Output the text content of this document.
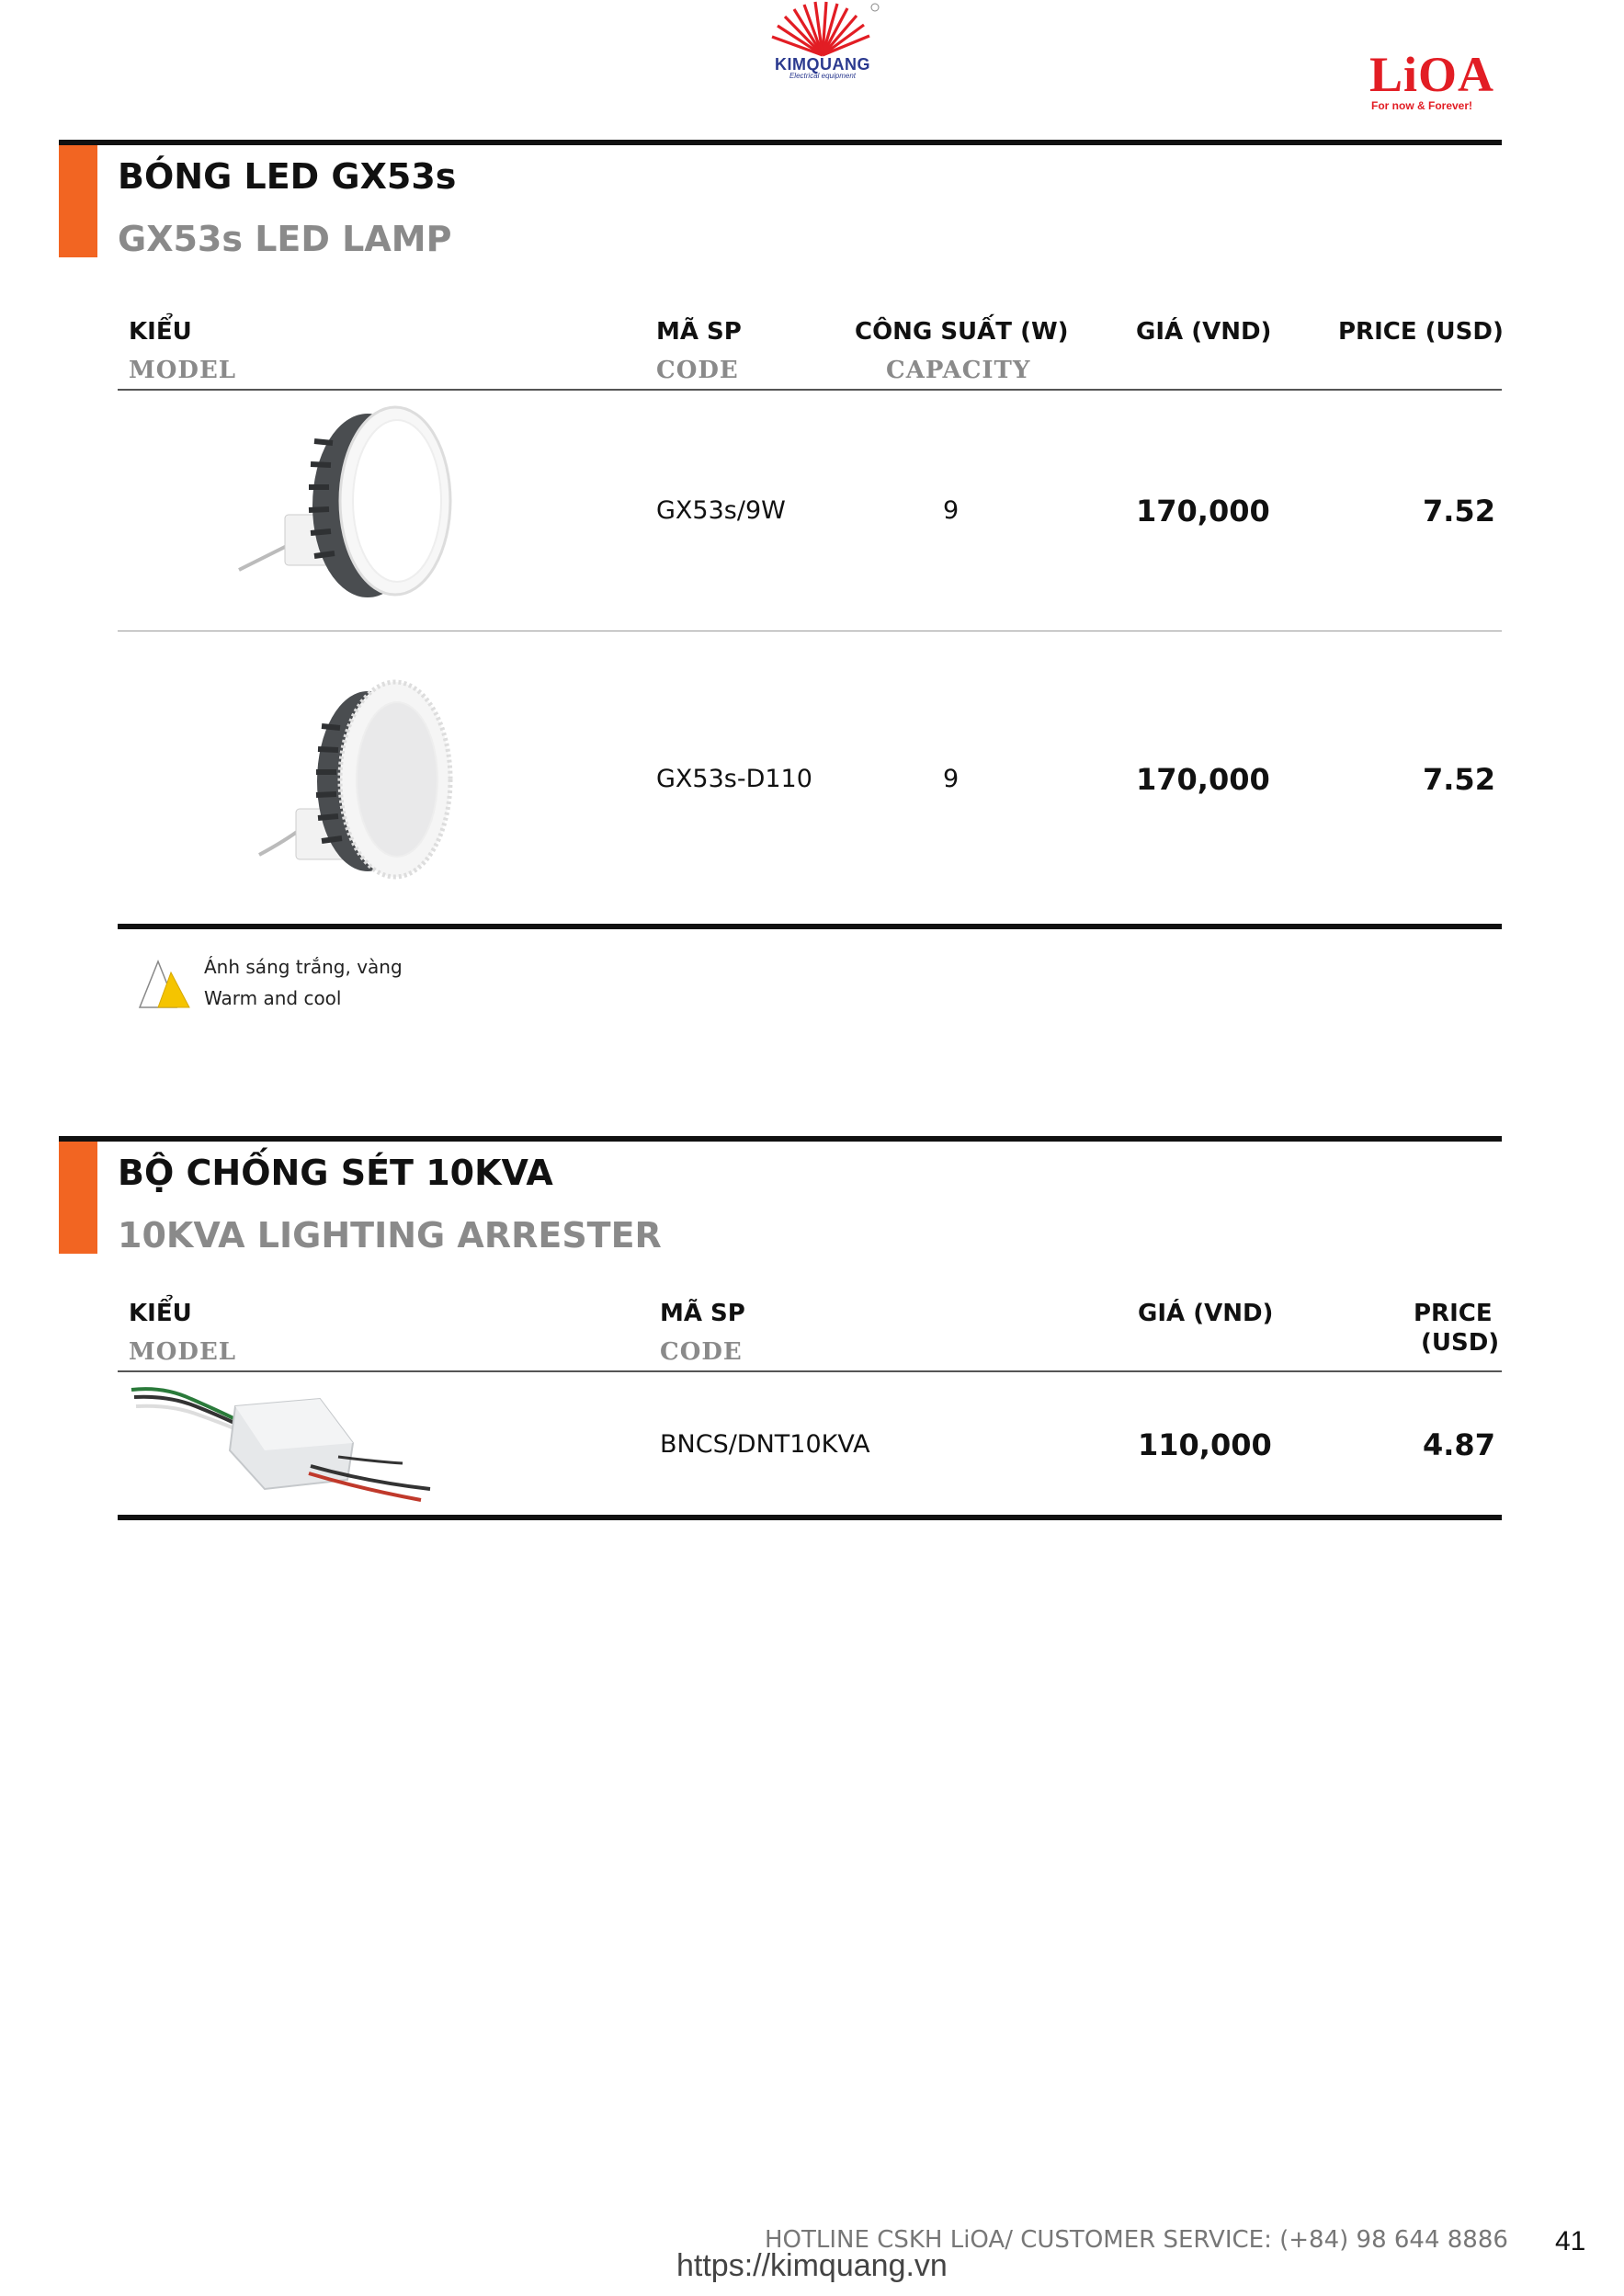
KIMQUANG
Electrical equipment	LiOA
For now & Forever!
BÓNG LED GX53s
GX53s LED LAMP
KIỂU
MODEL
MÃ SP
CODE
CÔNG SUẤT (W)
CAPACITY
GIÁ (VND)	PRICE (USD)
GX53s/9W	9	170,000	7.52
GX53s-D110	9	170,000	7.52
Ánh sáng trắng, vàng
Warm and cool
BỘ CHỐNG SÉT 10KVA
10KVA LIGHTING ARRESTER
KIỂU
MODEL
MÃ SP
CODE
GIÁ (VND)	PRICE
(USD)
BNCS/DNT10KVA	110,000	4.87
HOTLINE CSKH LiOA/ CUSTOMER SERVICE: (+84) 98 644 8886
https://kimquang.vn
41
